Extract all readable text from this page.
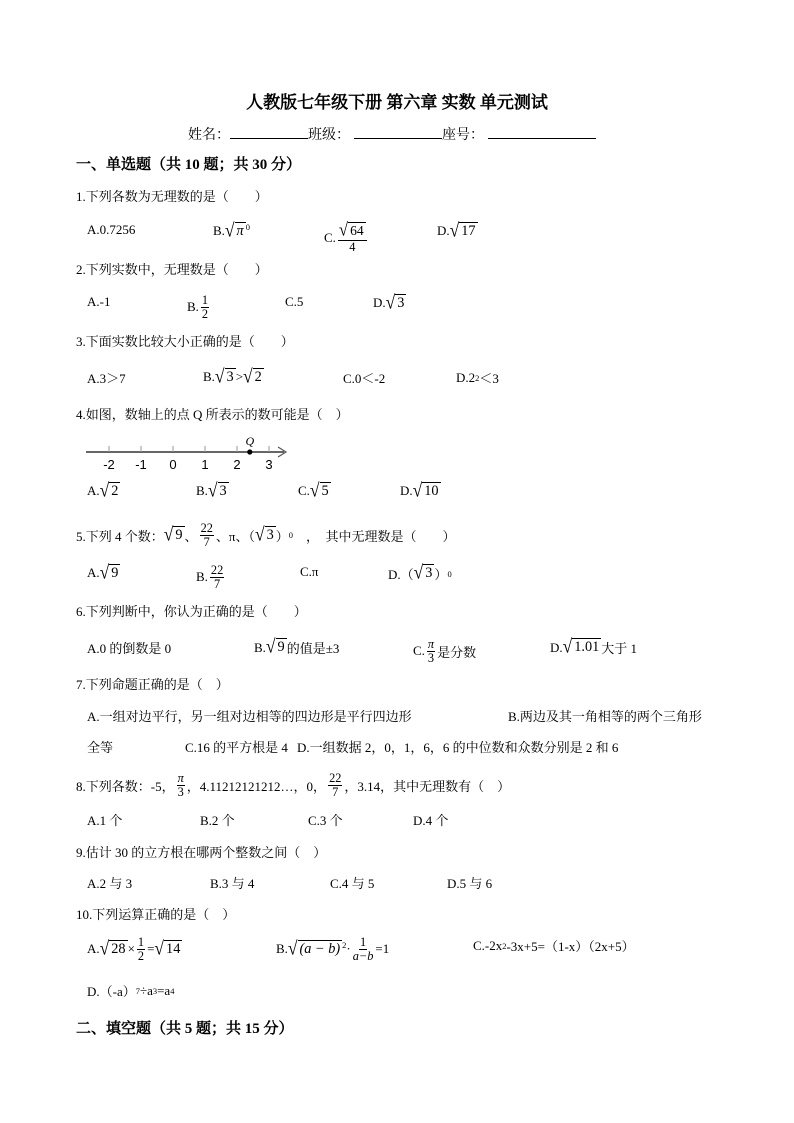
人教版七年级下册 第六章 实数 单元测试
姓名：	班级：	座号：
一、单选题（共 10 题；共 30 分）
-2 -1 0 1 2 3
Q
二、填空题（共 5 题；共 15 分）
1.下列各数为无理数的是（　　）
A.0.7256	B. √ π 0
C. $\frac{√ 64}{4}$	D. √ 17
2.下列实数中，无理数是（　　）
A.-1	B. $\frac{1}{2}$	C.5	D. √ 3
3.下面实数比较大小正确的是（　　）
A.3＞7	B. √ 3 > √ 2	C.0＜-2	D.2 2 ＜3
4.如图，数轴上的点 Q 所表示的数可能是（　）
A. √ 2	B. √ 3	C. √ 5	D. √ 10
5.下列 4 个数： √ 9 、 $\frac{22}{7}$ 、π、（ √ 3 ） 0 　，　其中无理数是（　　）
A. √ 9	B. $\frac{22}{7}$	C.π	D.（ √ 3 ） 0
6.下列判断中，你认为正确的是（　　）
A.0 的倒数是 0	B. √ 9 的值是±3	C. $\frac{\pi}{3}$ 是分数	D. √ 1.01 大于 1
7.下列命题正确的是（　）
A.一组对边平行，另一组对边相等的四边形是平行四边形	B.两边及其一角相等的两个三角形
全等	C.16 的平方根是 4 D.一组数据 2，0，1，6，6 的中位数和众数分别是 2 和 6
8.下列各数：-5， $\frac{\pi}{3}$ ，4.11212121212…，0， $\frac{22}{7}$ ，3.14，其中无理数有（　）
A.1 个	B.2 个	C.3 个	D.4 个
9.估计 30 的立方根在哪两个整数之间（　）
A.2 与 3	B.3 与 4	C.4 与 5	D.5 与 6
10.下列运算正确的是（　）
A. √ $28 \times \frac{1}{2}$ = √ 14	B. √ (a − b) $2 \cdot \frac{1}{a-b} =1$	C.-2x 2 -3x+5=（1-x）（2x+5）
D.（-a） 7 ÷a 3 =a 4
